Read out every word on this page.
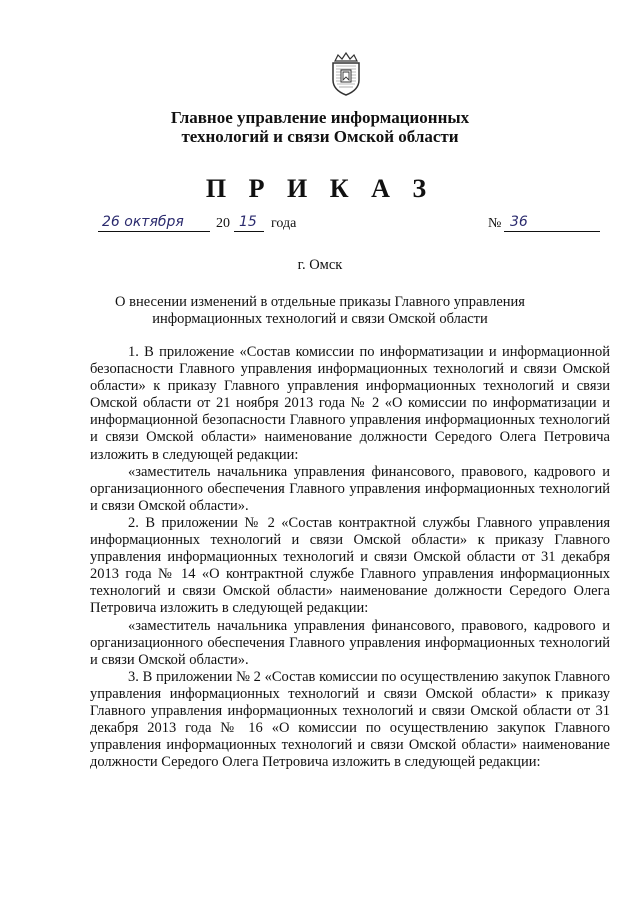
Главное управление информационных
технологий и связи Омской области
П Р И К А З
26 октября 20 15 года	№ 36
г. Омск
О внесении изменений в отдельные приказы Главного управления информационных технологий и связи Омской области

1. В приложение «Состав комиссии по информатизации и информационной безопасности Главного управления информационных технологий и связи Омской области» к приказу Главного управления информационных технологий и связи Омской области от 21 ноября 2013 года № 2 «О комиссии по информатизации и информационной безопасности Главного управления информационных технологий и связи Омской области» наименование должности Середого Олега Петровича изложить в следующей редакции:

«заместитель начальника управления финансового, правового, кадрового и организационного обеспечения Главного управления информационных технологий и связи Омской области».

2. В приложении № 2 «Состав контрактной службы Главного управления информационных технологий и связи Омской области» к приказу Главного управления информационных технологий и связи Омской области от 31 декабря 2013 года № 14 «О контрактной службе Главного управления информационных технологий и связи Омской области» наименование должности Середого Олега Петровича изложить в следующей редакции:

«заместитель начальника управления финансового, правового, кадрового и организационного обеспечения Главного управления информационных технологий и связи Омской области».

3. В приложении № 2 «Состав комиссии по осуществлению закупок Главного управления информационных технологий и связи Омской области» к приказу Главного управления информационных технологий и связи Омской области от 31 декабря 2013 года № 16 «О комиссии по осуществлению закупок Главного управления информационных технологий и связи Омской области» наименование должности Середого Олега Петровича изложить в следующей редакции:
